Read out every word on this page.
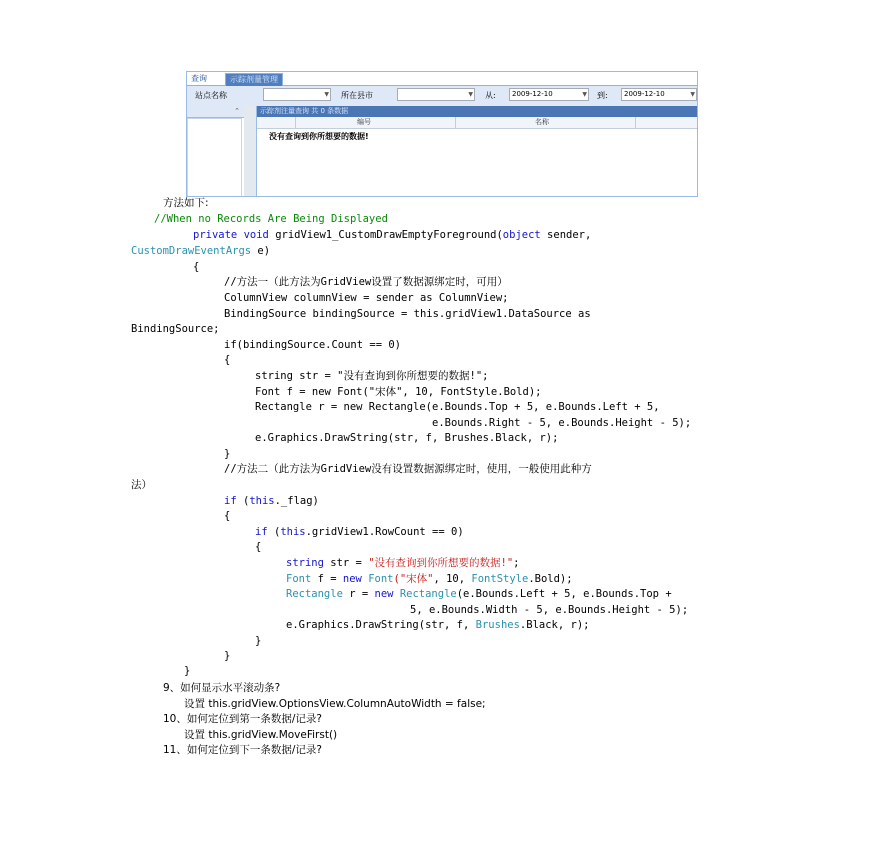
查询	示踪剂量管理
站点名称	▼ 所在县市	▼ 从:	2009-12-10	▼ 到:	2009-12-10	▼
⌃	示踪剂注量查询 共 0 条数据
编号	名称
没有查询到你所想要的数据!
方法如下:
//When no Records Are Being Displayed
private void gridView1_CustomDrawEmptyForeground(object sender,
CustomDrawEventArgs e)
{
//方法一（此方法为GridView设置了数据源绑定时，可用）
ColumnView columnView = sender as ColumnView;
BindingSource bindingSource = this.gridView1.DataSource as
BindingSource;
if(bindingSource.Count == 0)
{
string str = "没有查询到你所想要的数据!";
Font f = new Font("宋体", 10, FontStyle.Bold);
Rectangle r = new Rectangle(e.Bounds.Top + 5, e.Bounds.Left + 5,
e.Bounds.Right - 5, e.Bounds.Height - 5);
e.Graphics.DrawString(str, f, Brushes.Black, r);
}
//方法二（此方法为GridView没有设置数据源绑定时，使用，一般使用此种方
法）
if (this._flag)
{
if (this.gridView1.RowCount == 0)
{
string str = "没有查询到你所想要的数据!";
Font f = new Font("宋体", 10, FontStyle.Bold);
Rectangle r = new Rectangle(e.Bounds.Left + 5, e.Bounds.Top +
5, e.Bounds.Width - 5, e.Bounds.Height - 5);
e.Graphics.DrawString(str, f, Brushes.Black, r);
}
}
}
9、如何显示水平滚动条?
设置 this.gridView.OptionsView.ColumnAutoWidth = false;
10、如何定位到第一条数据/记录?
设置 this.gridView.MoveFirst()
11、如何定位到下一条数据/记录?
